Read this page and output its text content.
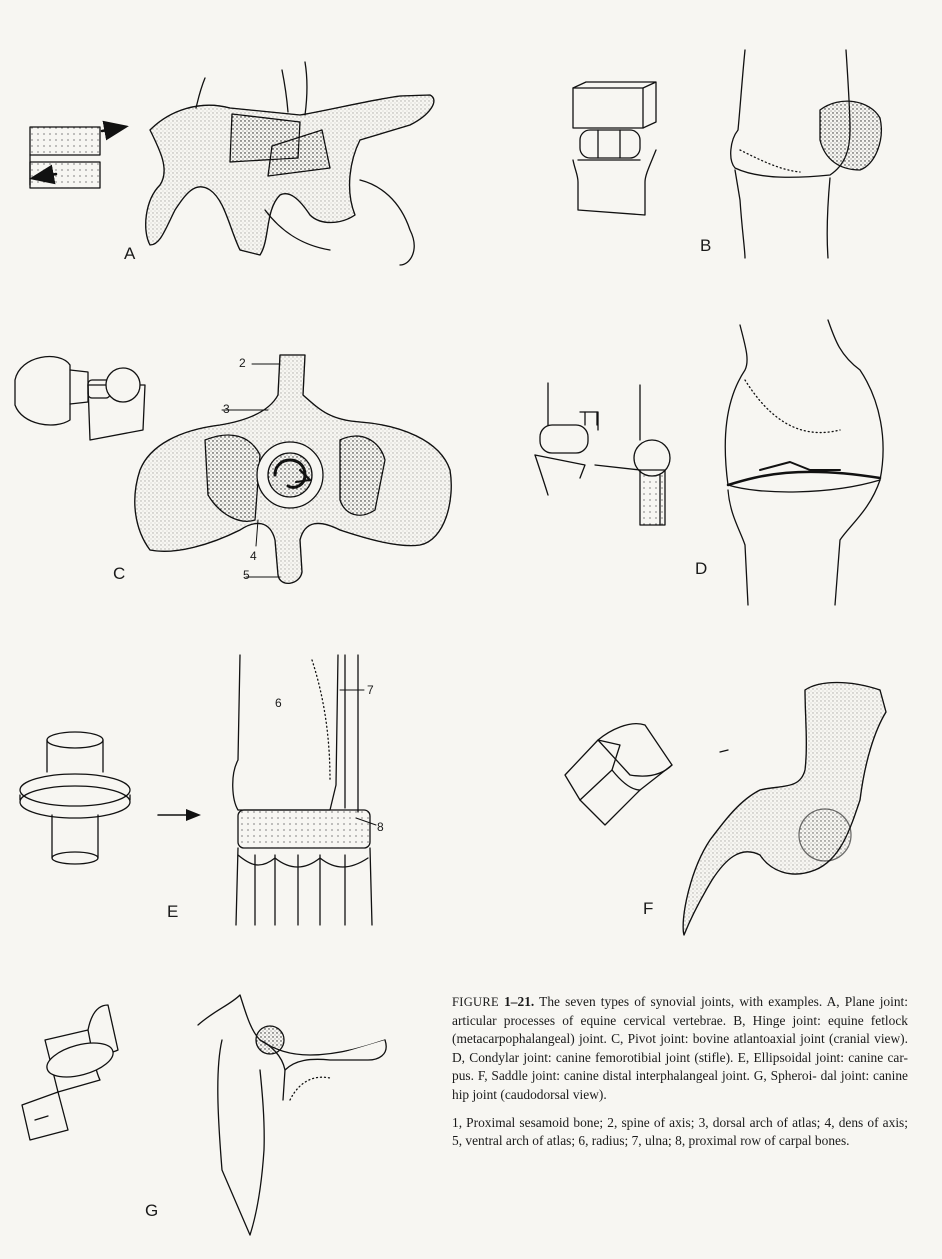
A	B
C	D
E	F
G
2
3
4
5
6
7
8

FIGURE 1–21. The seven types of synovial joints, with examples. A, Plane joint: articular processes of equine cervical vertebrae. B, Hinge joint: equine fetlock (metacarpophalangeal) joint. C, Pivot joint: bovine atlantoaxial joint (cranial view). D, Condylar joint: canine femorotibial joint (stifle). E, Ellipsoidal joint: canine car- pus. F, Saddle joint: canine distal interphalangeal joint. G, Spheroi- dal joint: canine hip joint (caudodorsal view).

1, Proximal sesamoid bone; 2, spine of axis; 3, dorsal arch of atlas; 4, dens of axis; 5, ventral arch of atlas; 6, radius; 7, ulna; 8, proximal row of carpal bones.
